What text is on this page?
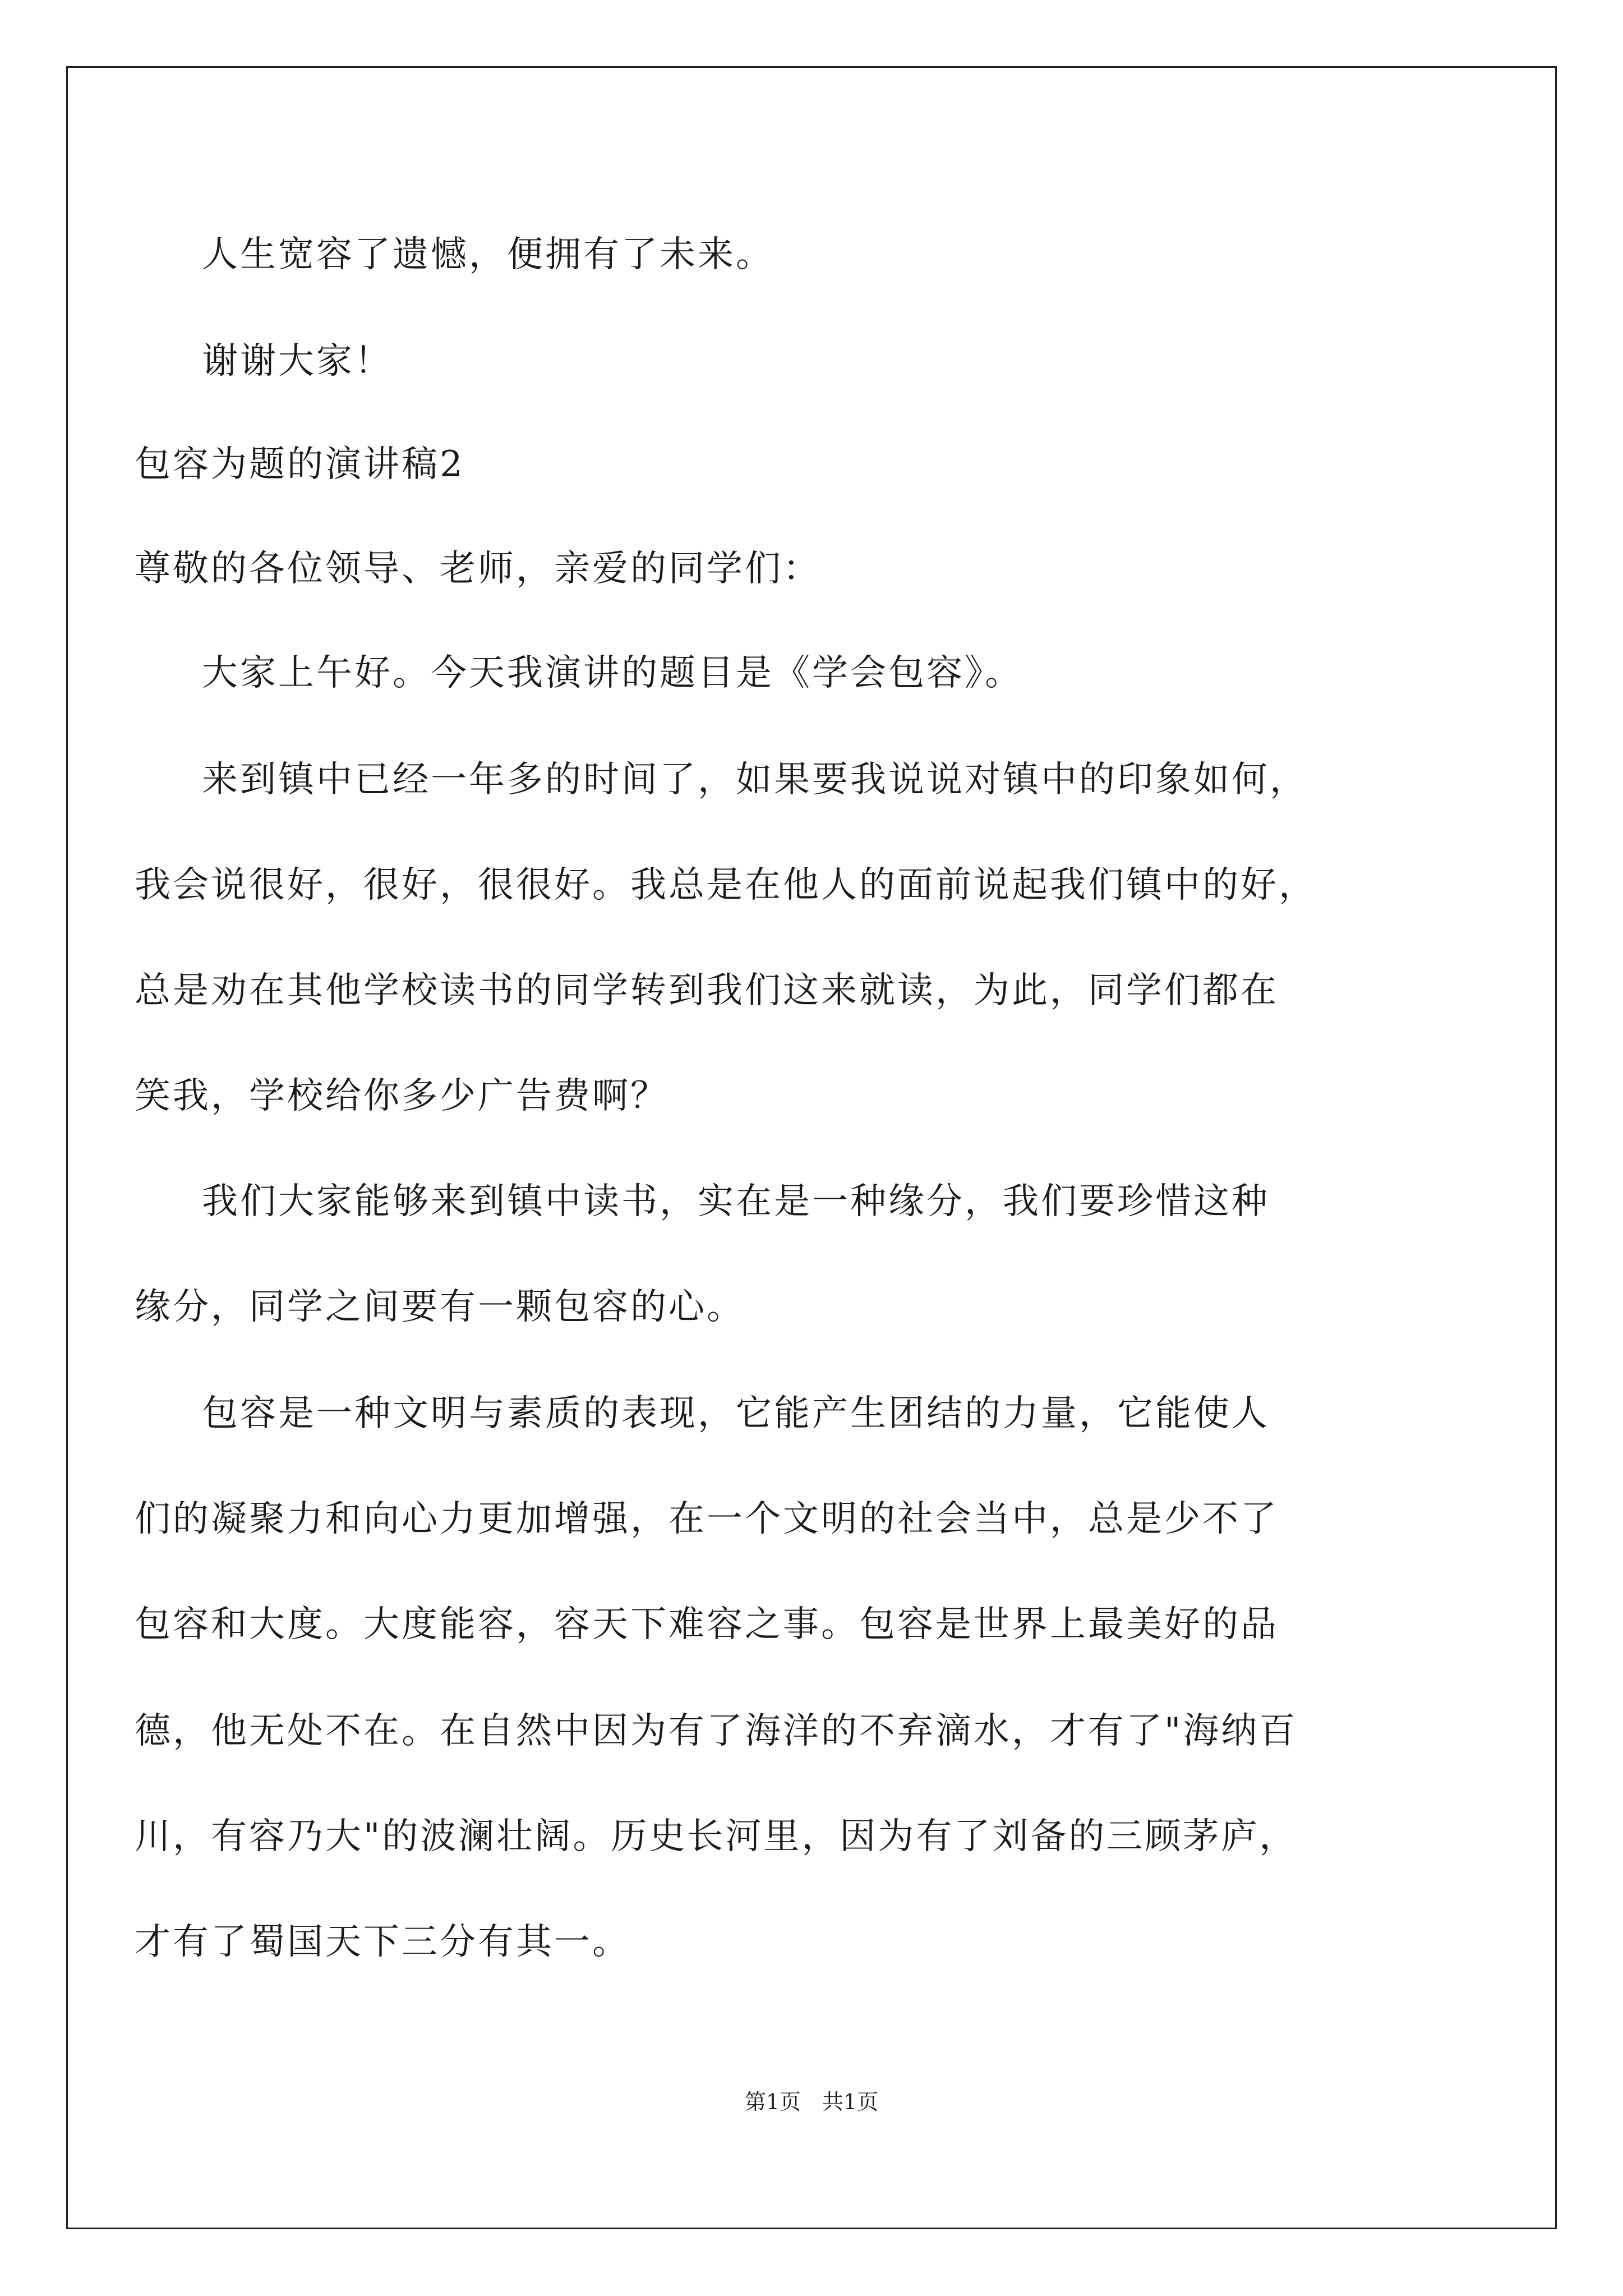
人生宽容了遗憾，便拥有了未来。
谢谢大家！
包容为题的演讲稿2
尊敬的各位领导、老师，亲爱的同学们：
大家上午好。今天我演讲的题目是《学会包容》。
来到镇中已经一年多的时间了，如果要我说说对镇中的印象如何，
我会说很好，很好，很很好。我总是在他人的面前说起我们镇中的好，
总是劝在其他学校读书的同学转到我们这来就读，为此，同学们都在
笑我，学校给你多少广告费啊？
我们大家能够来到镇中读书，实在是一种缘分，我们要珍惜这种
缘分，同学之间要有一颗包容的心。
包容是一种文明与素质的表现，它能产生团结的力量，它能使人
们的凝聚力和向心力更加增强，在一个文明的社会当中，总是少不了
包容和大度。大度能容，容天下难容之事。包容是世界上最美好的品
德，他无处不在。在自然中因为有了海洋的不弃滴水，才有了"海纳百
川，有容乃大"的波澜壮阔。历史长河里，因为有了刘备的三顾茅庐，
才有了蜀国天下三分有其一。
第1页　共1页
